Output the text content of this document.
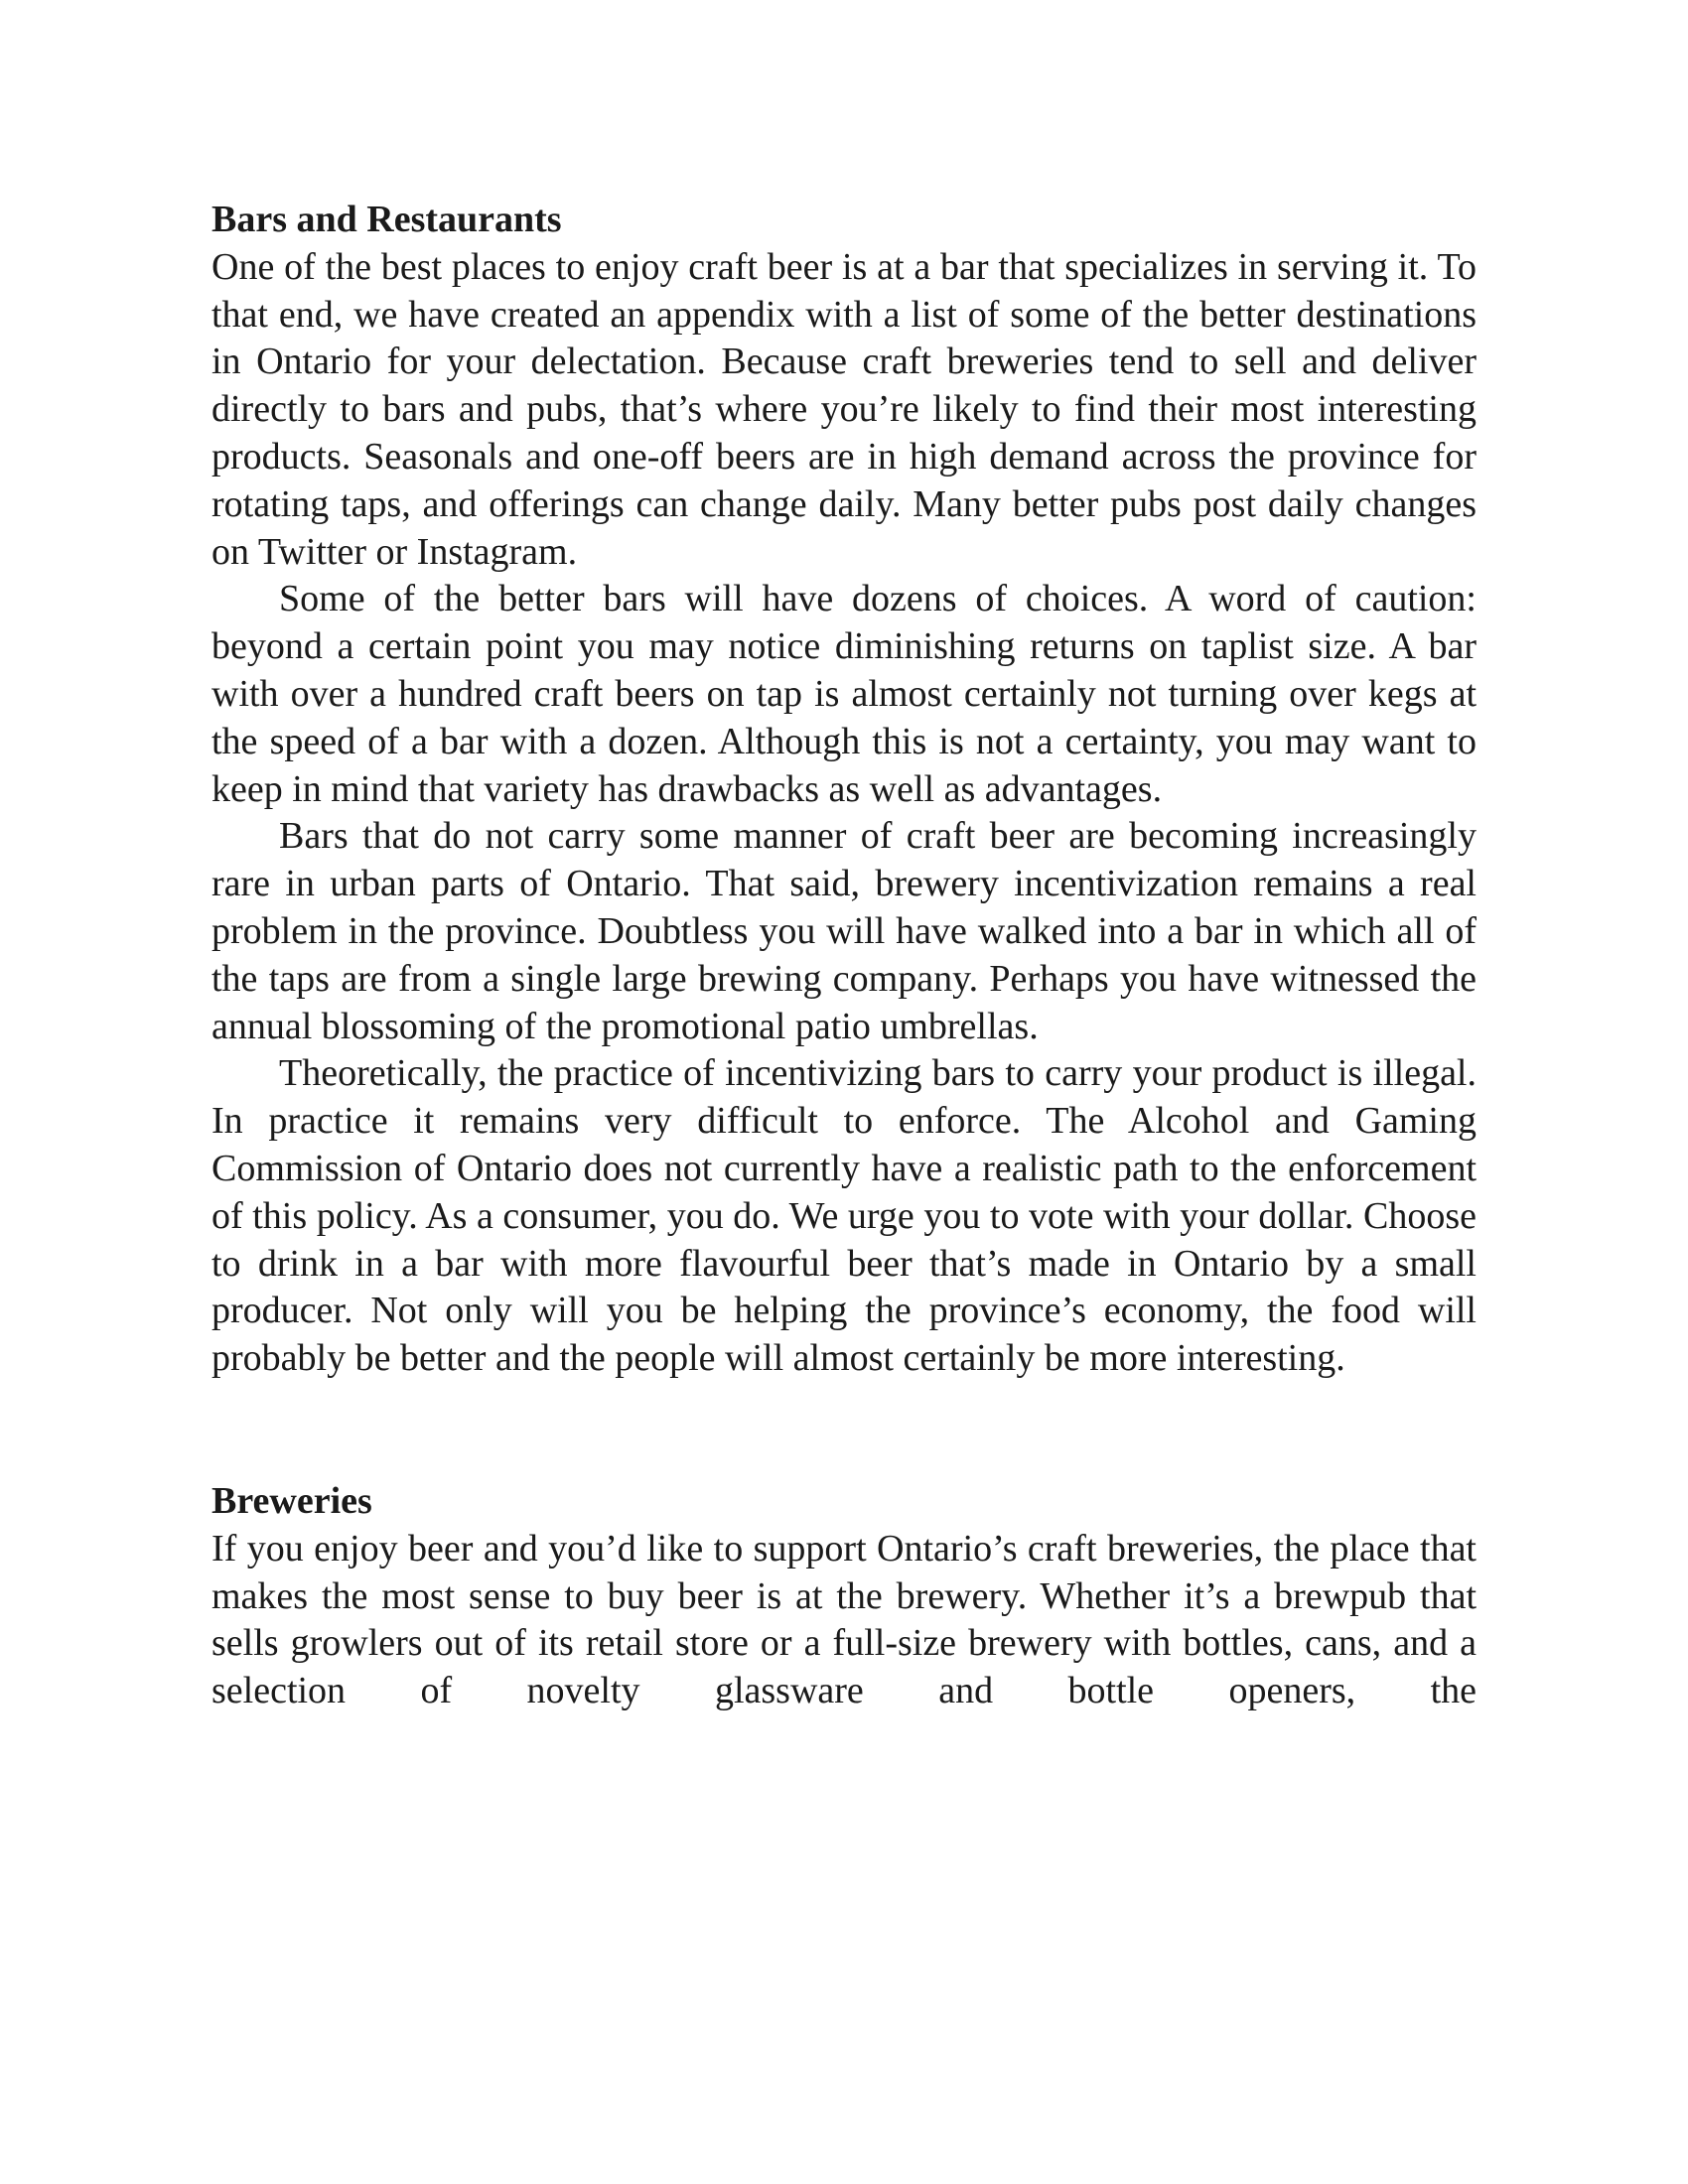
Bars and Restaurants

One of the best places to enjoy craft beer is at a bar that specializes in serving it. To that end, we have created an appendix with a list of some of the better destinations in Ontario for your delectation. Because craft breweries tend to sell and deliver directly to bars and pubs, that’s where you’re likely to find their most interesting products. Seasonals and one-off beers are in high demand across the province for rotating taps, and offerings can change daily. Many better pubs post daily changes on Twitter or Instagram.

Some of the better bars will have dozens of choices. A word of caution: beyond a certain point you may notice diminishing returns on taplist size. A bar with over a hundred craft beers on tap is almost certainly not turning over kegs at the speed of a bar with a dozen. Although this is not a certainty, you may want to keep in mind that variety has drawbacks as well as advantages.

Bars that do not carry some manner of craft beer are becoming increasingly rare in urban parts of Ontario. That said, brewery incentivization remains a real problem in the province. Doubtless you will have walked into a bar in which all of the taps are from a single large brewing company. Perhaps you have witnessed the annual blossoming of the promotional patio umbrellas.

Theoretically, the practice of incentivizing bars to carry your product is illegal. In practice it remains very difficult to enforce. The Alcohol and Gaming Commission of Ontario does not currently have a realistic path to the enforcement of this policy. As a consumer, you do. We urge you to vote with your dollar. Choose to drink in a bar with more flavourful beer that’s made in Ontario by a small producer. Not only will you be helping the province’s economy, the food will probably be better and the people will almost certainly be more interesting.

Breweries

If you enjoy beer and you’d like to support Ontario’s craft breweries, the place that makes the most sense to buy beer is at the brewery. Whether it’s a brewpub that sells growlers out of its retail store or a full-size brewery with bottles, cans, and a selection of novelty glassware and bottle openers, the
